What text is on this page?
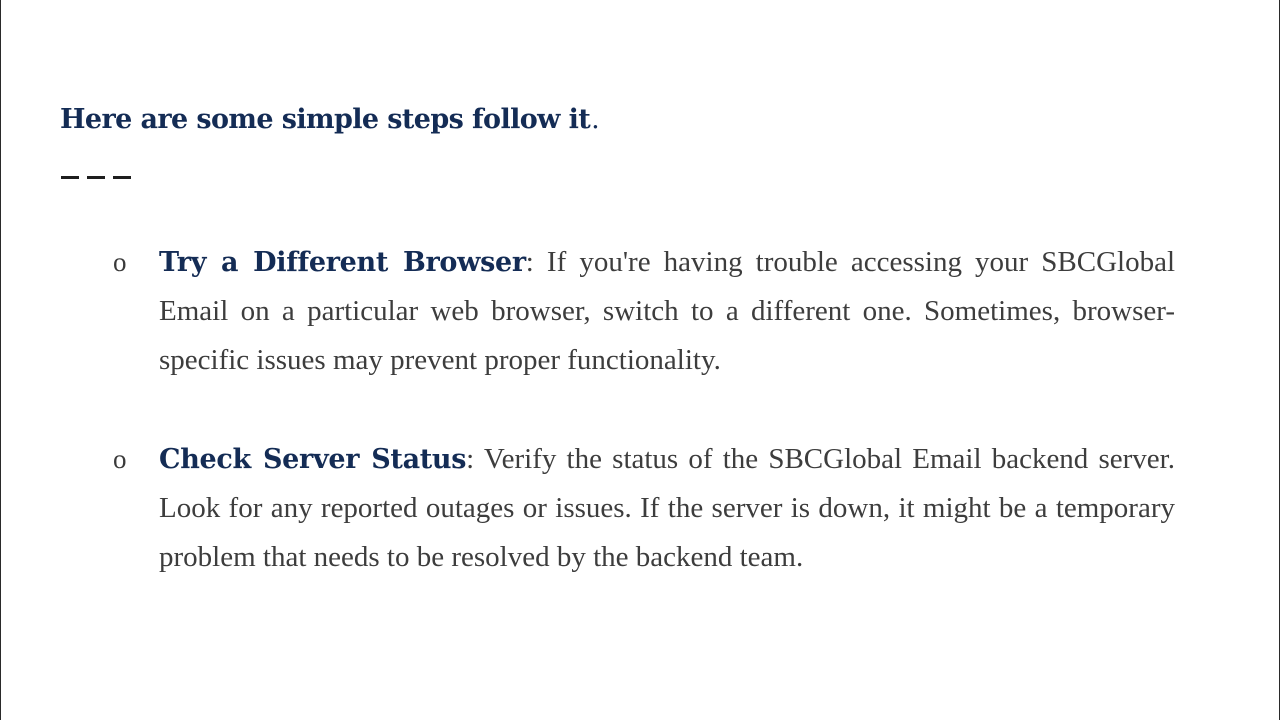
Here are some simple steps follow it.
o Try a Different Browser: If you're having trouble accessing your SBCGlobal Email on a particular web browser, switch to a different one. Sometimes, browser-specific issues may prevent proper functionality.

o Check Server Status: Verify the status of the SBCGlobal Email backend server. Look for any reported outages or issues. If the server is down, it might be a temporary problem that needs to be resolved by the backend team.
